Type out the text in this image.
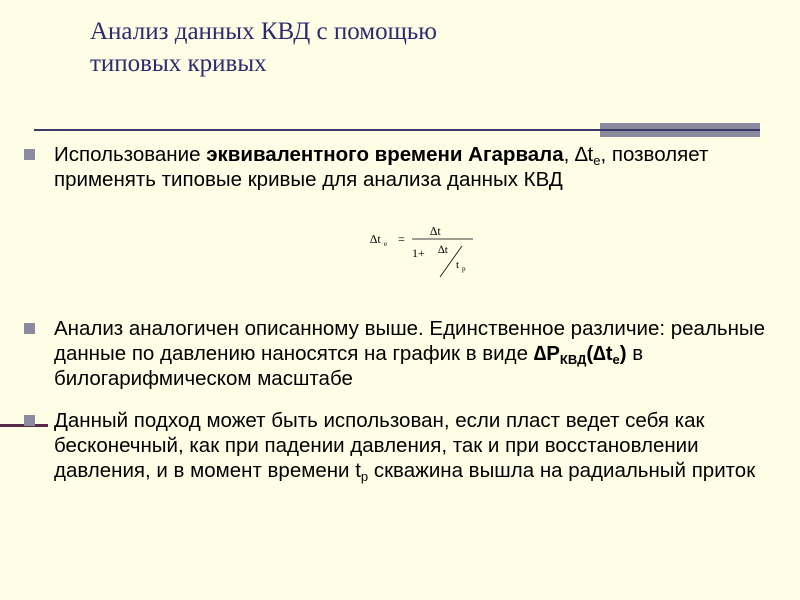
Анализ данных КВД с помощью
типовых кривых
Использование эквивалентного времени Агарвала, $\Delta t_e$, позволяет применять типовые кривые для анализа данных КВД
∆t e =
∆t
1+ ∆t
t p
Анализ аналогичен описанному выше. Единственное различие: реальные данные по давлению наносятся на график в виде $\Delta P_{КВД}(\Delta t_e)$ в билогарифмическом масштабе
Данный подход может быть использован, если пласт ведет себя как бесконечный, как при падении давления, так и при восстановлении давления, и в момент времени $t_p$ скважина вышла на радиальный приток
